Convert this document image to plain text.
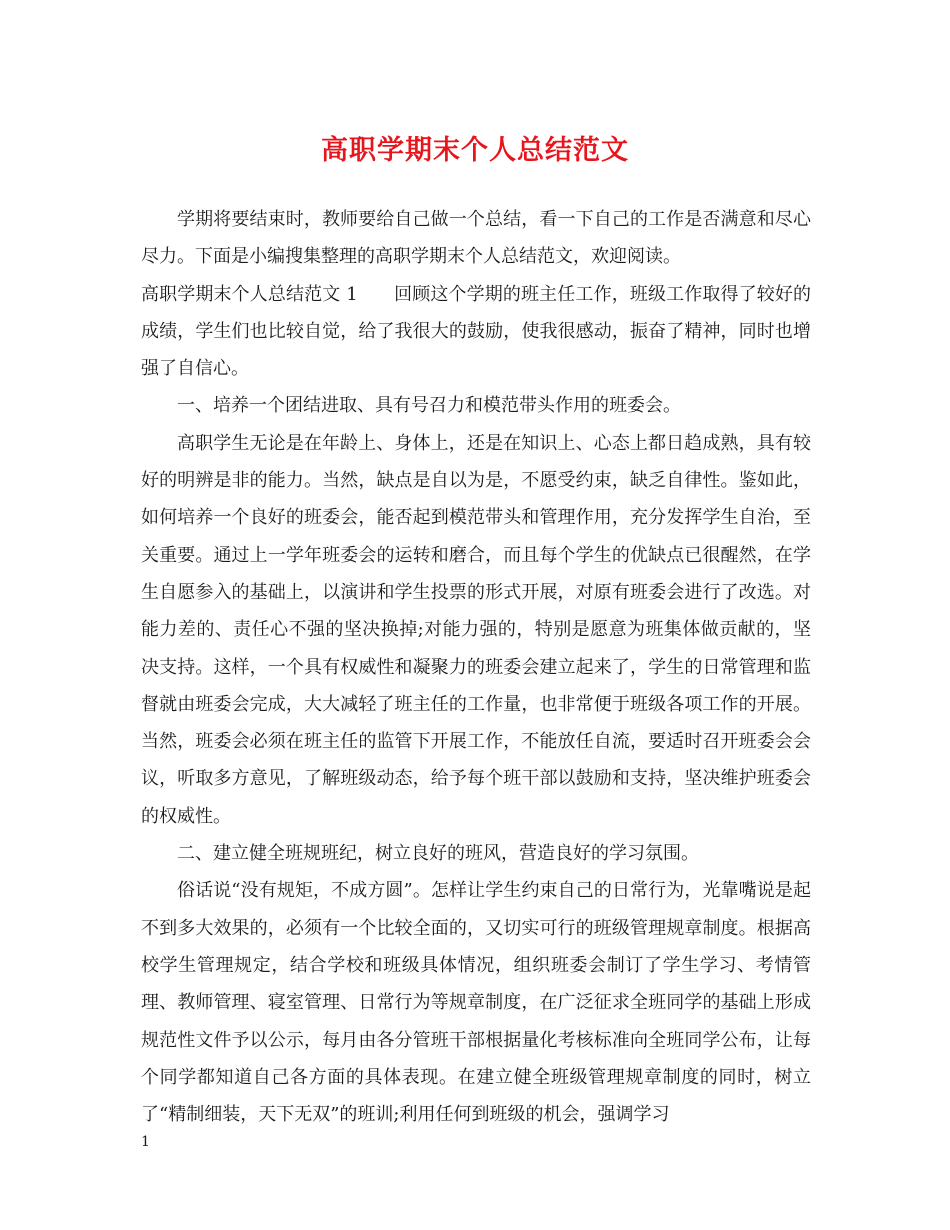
高职学期末个人总结范文

学期将要结束时，教师要给自己做一个总结，看一下自己的工作是否满意和尽心尽力。下面是小编搜集整理的高职学期末个人总结范文，欢迎阅读。

高职学期末个人总结范文 1　　回顾这个学期的班主任工作，班级工作取得了较好的成绩，学生们也比较自觉，给了我很大的鼓励，使我很感动，振奋了精神，同时也增强了自信心。

一、培养一个团结进取、具有号召力和模范带头作用的班委会。

高职学生无论是在年龄上、身体上，还是在知识上、心态上都日趋成熟，具有较好的明辨是非的能力。当然，缺点是自以为是，不愿受约束，缺乏自律性。鉴如此，如何培养一个良好的班委会，能否起到模范带头和管理作用，充分发挥学生自治，至关重要。通过上一学年班委会的运转和磨合，而且每个学生的优缺点已很醒然，在学生自愿参入的基础上，以演讲和学生投票的形式开展，对原有班委会进行了改选。对能力差的、责任心不强的坚决换掉;对能力强的，特别是愿意为班集体做贡献的，坚决支持。这样，一个具有权威性和凝聚力的班委会建立起来了，学生的日常管理和监督就由班委会完成，大大减轻了班主任的工作量，也非常便于班级各项工作的开展。当然，班委会必须在班主任的监管下开展工作，不能放任自流，要适时召开班委会会议，听取多方意见，了解班级动态，给予每个班干部以鼓励和支持，坚决维护班委会的权威性。

二、建立健全班规班纪，树立良好的班风，营造良好的学习氛围。

俗话说“没有规矩，不成方圆”。怎样让学生约束自己的日常行为，光靠嘴说是起不到多大效果的，必须有一个比较全面的，又切实可行的班级管理规章制度。根据高校学生管理规定，结合学校和班级具体情况，组织班委会制订了学生学习、考情管理、教师管理、寝室管理、日常行为等规章制度，在广泛征求全班同学的基础上形成规范性文件予以公示，每月由各分管班干部根据量化考核标准向全班同学公布，让每个同学都知道自己各方面的具体表现。在建立健全班级管理规章制度的同时，树立了“精制细装，天下无双”的班训;利用任何到班级的机会，强调学习

1
